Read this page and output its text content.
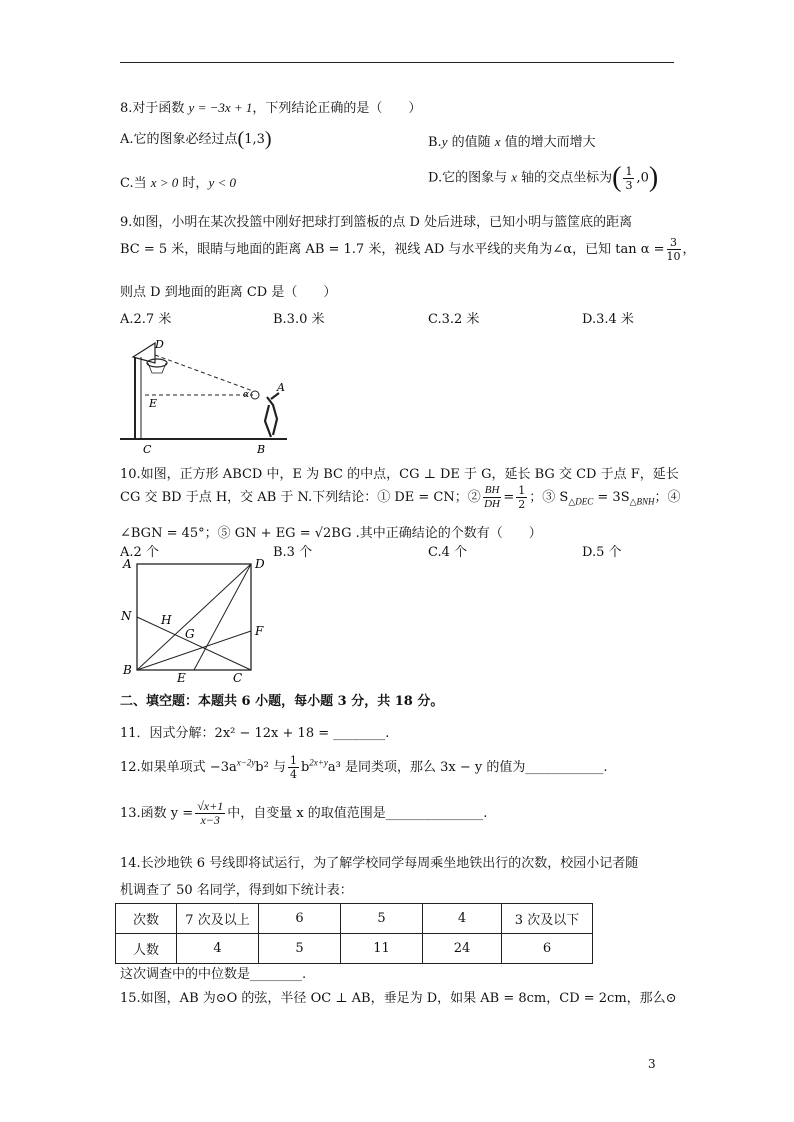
8.对于函数 y = −3x + 1，下列结论正确的是（　　）
A.它的图象必经过点(1,3)	B.y 的值随 x 值的增大而增大
C.当 x > 0 时，y < 0	D.它的图象与 x 轴的交点坐标为( $\frac{1}{3} ,0$)
9.如图，小明在某次投篮中刚好把球打到篮板的点 D 处后进球，已知小明与篮筐底的距离
BC = 5 米，眼睛与地面的距离 AB = 1.7 米，视线 AD 与水平线的夹角为∠α，已知 $\tan \alpha = \frac{3}{10}$ ，
则点 D 到地面的距离 CD 是（　　）
A.2.7 米	B.3.0 米	C.3.2 米	D.3.4 米
D
E
C	B
A
α
10.如图，正方形 ABCD 中，E 为 BC 的中点，CG ⊥ DE 于 G，延长 BG 交 CD 于点 F，延长
CG 交 BD 于点 H，交 AB 于 N.下列结论：① DE = CN；② $\frac{BH}{DH} = \frac{1}{2}$ ；③ $S_{\triangle DEC} = 3S_{\triangle BNH}$；④
∠BGN = 45°；⑤ GN + EG = √2BG .其中正确结论的个数有（　　）
A.2 个	B.3 个	C.4 个	D.5 个
A	D
N H
G	F
B
E	C
二、填空题：本题共 6 小题，每小题 3 分，共 18 分。
11．因式分解：2x² − 12x + 18 = ________.
12.如果单项式 $-3a^{x-2y}b^2$ 与 $\frac{1}{4} b^{2x+y}a^3$ 是同类项，那么 3x − y 的值为____________.
13.函数 $y = \frac{√x+1}{x-3}$ 中，自变量 x 的取值范围是_______________.
14.长沙地铁 6 号线即将试运行，为了解学校同学每周乘坐地铁出行的次数，校园小记者随
机调查了 50 名同学，得到如下统计表：
次数	7 次及以上	6	5	4	3 次及以下
人数	4	5	11	24	6
这次调查中的中位数是________.
15.如图，AB 为⊙O 的弦，半径 OC ⊥ AB，垂足为 D，如果 AB = 8cm，CD = 2cm，那么⊙
3
